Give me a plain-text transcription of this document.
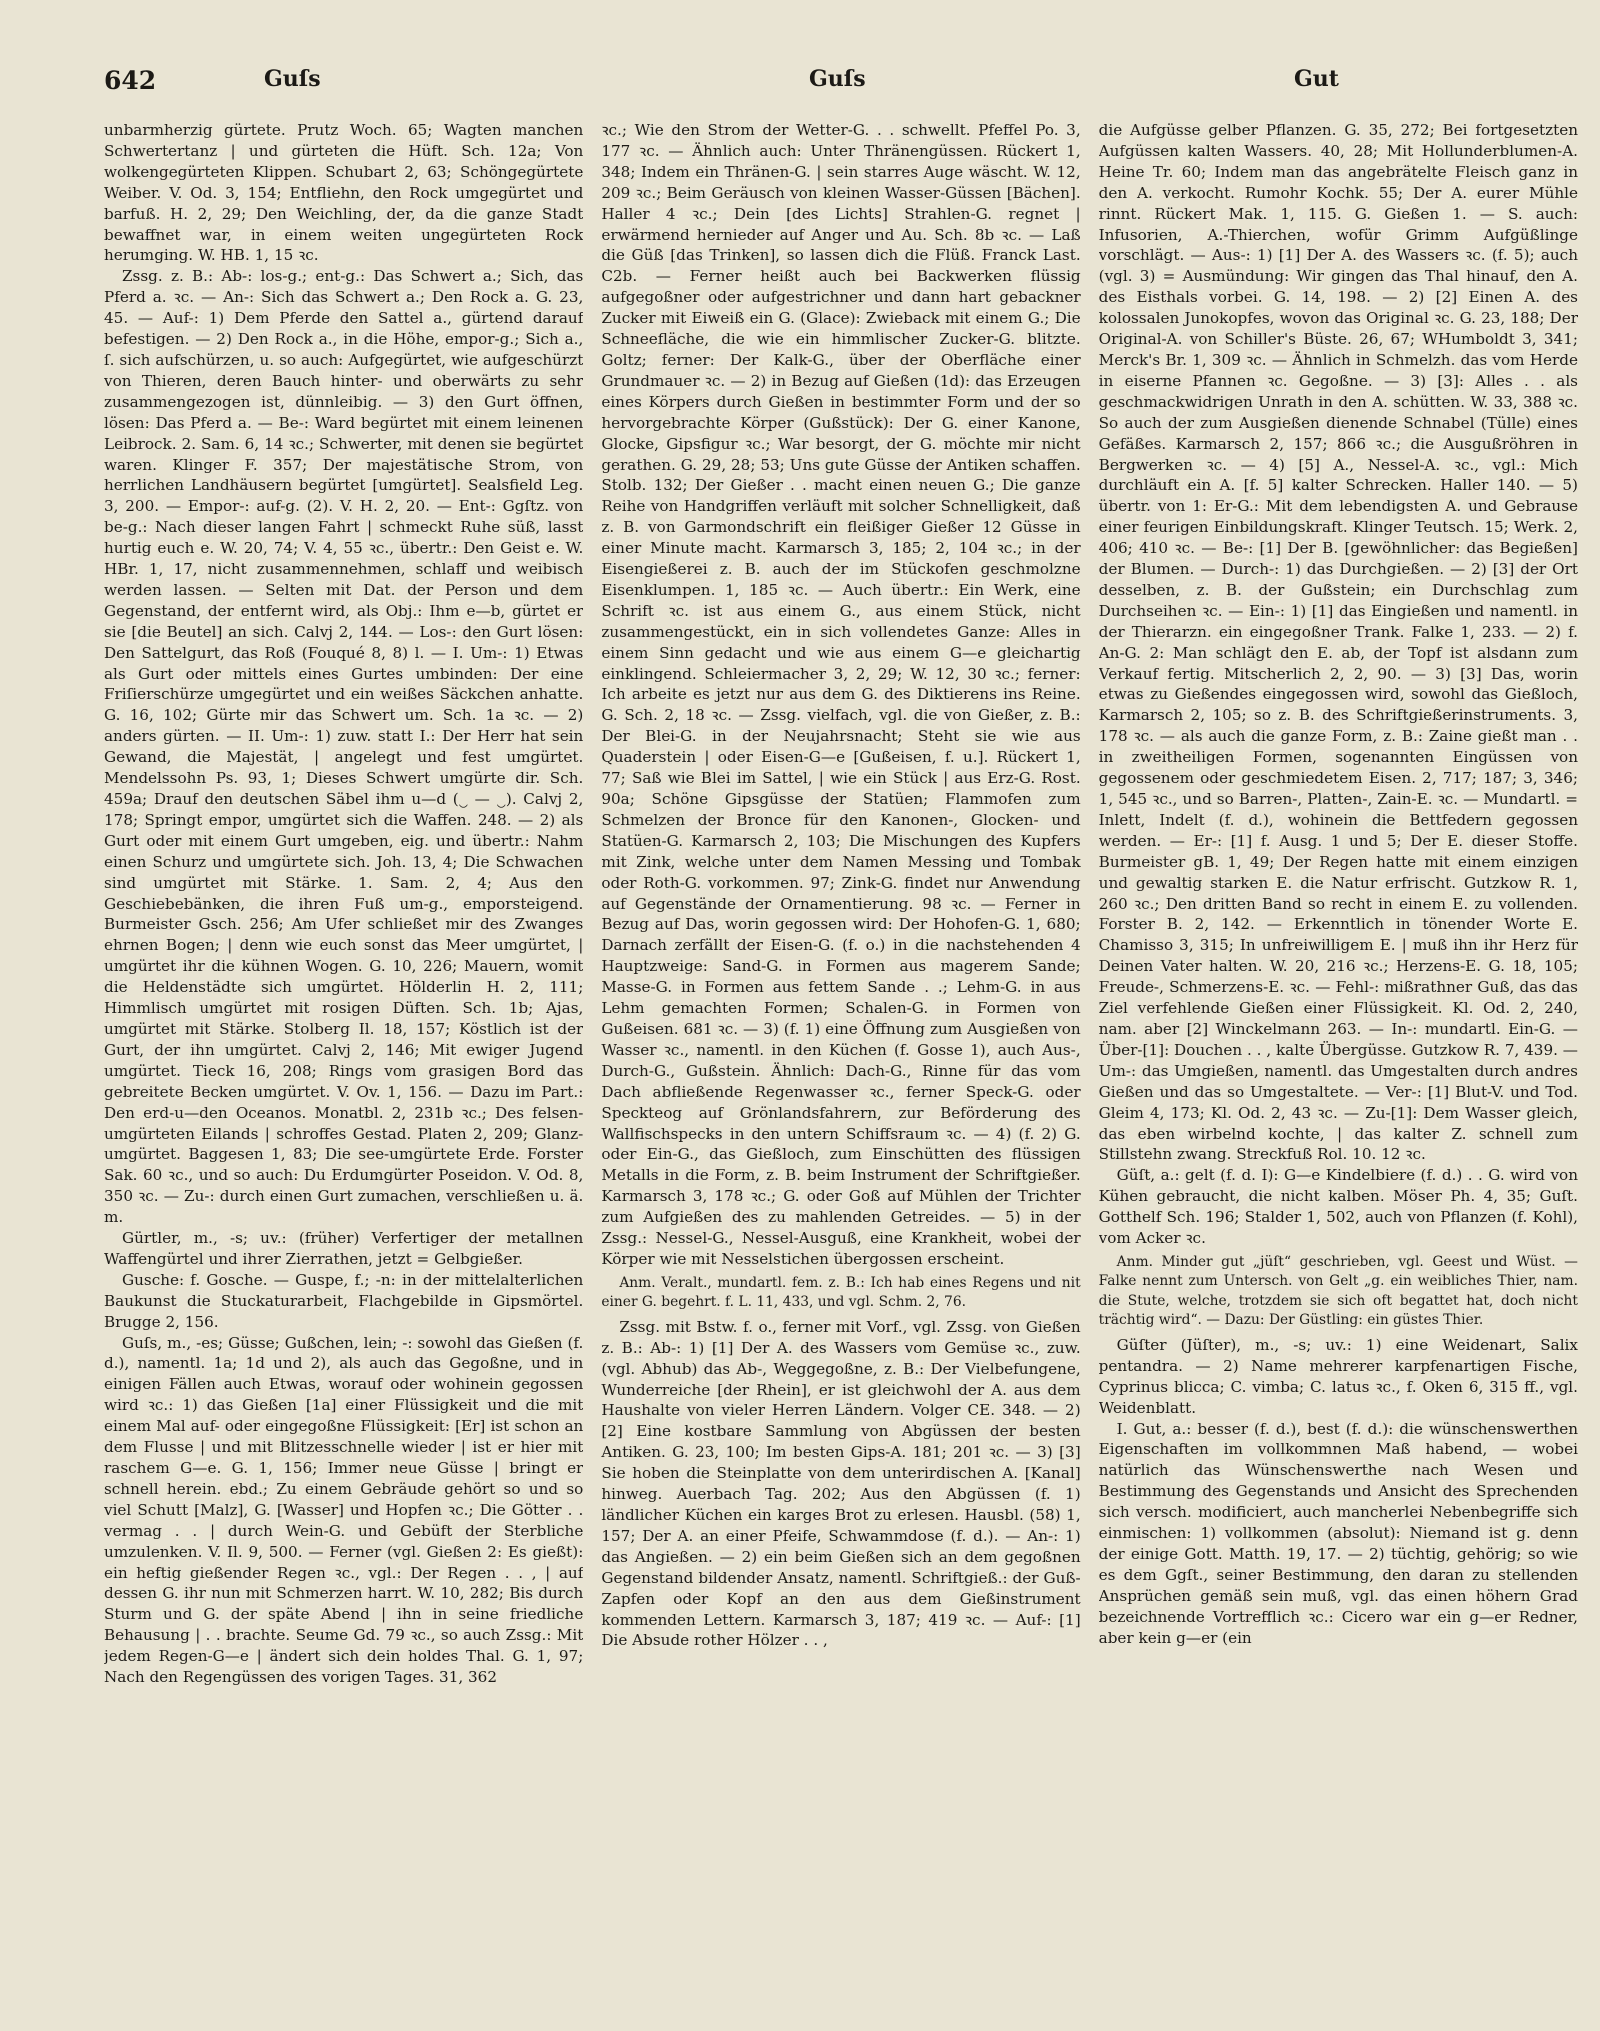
642	Guſs	Guſs	Gut

unbarmherzig gürtete. Prutz Woch. 65; Wagten manchen Schwertertanz | und gürteten die Hüft. Sch. 12a; Von wolkengegürteten Klippen. Schubart 2, 63; Schöngegürtete Weiber. V. Od. 3, 154; Entfliehn, den Rock umgegürtet und barfuß. H. 2, 29; Den Weichling, der, da die ganze Stadt bewaffnet war, in einem weiten ungegürteten Rock herumging. W. HB. 1, 15 ꝛc.

Zssg. z. B.: Ab-: los-g.; ent-g.: Das Schwert a.; Sich, das Pferd a. ꝛc. — An-: Sich das Schwert a.; Den Rock a. G. 23, 45. — Auf-: 1) Dem Pferde den Sattel a., gürtend darauf befestigen. — 2) Den Rock a., in die Höhe, empor-g.; Sich a., ſ. sich aufschürzen, u. so auch: Aufgegürtet, wie aufgeschürzt von Thieren, deren Bauch hinter- und oberwärts zu sehr zusammengezogen ist, dünnleibig. — 3) den Gurt öffnen, lösen: Das Pferd a. — Be-: Ward begürtet mit einem leinenen Leibrock. 2. Sam. 6, 14 ꝛc.; Schwerter, mit denen sie begürtet waren. Klinger F. 357; Der majestätische Strom, von herrlichen Landhäusern begürtet [umgürtet]. Sealsfield Leg. 3, 200. — Empor-: auf-g. (2). V. H. 2, 20. — Ent-: Ggſtz. von be-g.: Nach dieser langen Fahrt | schmeckt Ruhe süß, lasst hurtig euch e. W. 20, 74; V. 4, 55 ꝛc., übertr.: Den Geist e. W. HBr. 1, 17, nicht zusammennehmen, schlaff und weibisch werden lassen. — Selten mit Dat. der Person und dem Gegenstand, der entfernt wird, als Obj.: Ihm e—b, gürtet er sie [die Beutel] an sich. Calvj 2, 144. — Los-: den Gurt lösen: Den Sattelgurt, das Roß (Fouqué 8, 8) l. — I. Um-: 1) Etwas als Gurt oder mittels eines Gurtes umbinden: Der eine Friſierschürze umgegürtet und ein weißes Säckchen anhatte. G. 16, 102; Gürte mir das Schwert um. Sch. 1a ꝛc. — 2) anders gürten. — II. Um-: 1) zuw. statt I.: Der Herr hat sein Gewand, die Majestät, | angelegt und fest umgürtet. Mendelssohn Ps. 93, 1; Dieses Schwert umgürte dir. Sch. 459a; Drauf den deutschen Säbel ihm u—d (‿ — ‿). Calvj 2, 178; Springt empor, umgürtet sich die Waffen. 248. — 2) als Gurt oder mit einem Gurt umgeben, eig. und übertr.: Nahm einen Schurz und umgürtete sich. Joh. 13, 4; Die Schwachen sind umgürtet mit Stärke. 1. Sam. 2, 4; Aus den Geschiebebänken, die ihren Fuß um-g., emporsteigend. Burmeister Gsch. 256; Am Ufer schließet mir des Zwanges ehrnen Bogen; | denn wie euch sonst das Meer umgürtet, | umgürtet ihr die kühnen Wogen. G. 10, 226; Mauern, womit die Heldenstädte sich umgürtet. Hölderlin H. 2, 111; Himmlisch umgürtet mit rosigen Düften. Sch. 1b; Ajas, umgürtet mit Stärke. Stolberg Il. 18, 157; Köstlich ist der Gurt, der ihn umgürtet. Calvj 2, 146; Mit ewiger Jugend umgürtet. Tieck 16, 208; Rings vom grasigen Bord das gebreitete Becken umgürtet. V. Ov. 1, 156. — Dazu im Part.: Den erd-u—den Oceanos. Monatbl. 2, 231b ꝛc.; Des felsen-umgürteten Eilands | schroffes Gestad. Platen 2, 209; Glanz-umgürtet. Baggesen 1, 83; Die see-umgürtete Erde. Forster Sak. 60 ꝛc., und so auch: Du Erdumgürter Poseidon. V. Od. 8, 350 ꝛc. — Zu-: durch einen Gurt zumachen, verschließen u. ä. m.

Gürtler, m., -s; uv.: (früher) Verfertiger der metallnen Waffengürtel und ihrer Zierrathen, jetzt = Gelbgießer.

Gusche: f. Gosche. — Guspe, f.; -n: in der mittelalterlichen Baukunst die Stuckaturarbeit, Flachgebilde in Gipsmörtel. Brugge 2, 156.

Guſs, m., -es; Güsse; Gußchen, lein; -: sowohl das Gießen (f. d.), namentl. 1a; 1d und 2), als auch das Gegoßne, und in einigen Fällen auch Etwas, worauf oder wohinein gegossen wird ꝛc.: 1) das Gießen [1a] einer Flüssigkeit und die mit einem Mal auf- oder eingegoßne Flüssigkeit: [Er] ist schon an dem Flusse | und mit Blitzesschnelle wieder | ist er hier mit raschem G—e. G. 1, 156; Immer neue Güsse | bringt er schnell herein. ebd.; Zu einem Gebräude gehört so und so viel Schutt [Malz], G. [Wasser] und Hopfen ꝛc.; Die Götter . . vermag . . | durch Wein-G. und Gebüft der Sterbliche umzulenken. V. Il. 9, 500. — Ferner (vgl. Gießen 2: Es gießt): ein heftig gießender Regen ꝛc., vgl.: Der Regen . . , | auf dessen G. ihr nun mit Schmerzen harrt. W. 10, 282; Bis durch Sturm und G. der späte Abend | ihn in seine friedliche Behausung | . . brachte. Seume Gd. 79 ꝛc., so auch Zssg.: Mit jedem Regen-G—e | ändert sich dein holdes Thal. G. 1, 97; Nach den Regengüssen des vorigen Tages. 31, 362

ꝛc.; Wie den Strom der Wetter-G. . . schwellt. Pfeffel Po. 3, 177 ꝛc. — Ähnlich auch: Unter Thränengüssen. Rückert 1, 348; Indem ein Thränen-G. | sein starres Auge wäscht. W. 12, 209 ꝛc.; Beim Geräusch von kleinen Wasser-Güssen [Bächen]. Haller 4 ꝛc.; Dein [des Lichts] Strahlen-G. regnet | erwärmend hernieder auf Anger und Au. Sch. 8b ꝛc. — Laß die Güß [das Trinken], so lassen dich die Flüß. Franck Last. C2b. — Ferner heißt auch bei Backwerken flüssig aufgegoßner oder aufgestrichner und dann hart gebackner Zucker mit Eiweiß ein G. (Glace): Zwieback mit einem G.; Die Schneefläche, die wie ein himmlischer Zucker-G. blitzte. Goltz; ferner: Der Kalk-G., über der Oberfläche einer Grundmauer ꝛc. — 2) in Bezug auf Gießen (1d): das Erzeugen eines Körpers durch Gießen in bestimmter Form und der so hervorgebrachte Körper (Gußstück): Der G. einer Kanone, Glocke, Gipsfigur ꝛc.; War besorgt, der G. möchte mir nicht gerathen. G. 29, 28; 53; Uns gute Güsse der Antiken schaffen. Stolb. 132; Der Gießer . . macht einen neuen G.; Die ganze Reihe von Handgriffen verläuft mit solcher Schnelligkeit, daß z. B. von Garmondschrift ein fleißiger Gießer 12 Güsse in einer Minute macht. Karmarsch 3, 185; 2, 104 ꝛc.; in der Eisengießerei z. B. auch der im Stückofen geschmolzne Eisenklumpen. 1, 185 ꝛc. — Auch übertr.: Ein Werk, eine Schrift ꝛc. ist aus einem G., aus einem Stück, nicht zusammengestückt, ein in sich vollendetes Ganze: Alles in einem Sinn gedacht und wie aus einem G—e gleichartig einklingend. Schleiermacher 3, 2, 29; W. 12, 30 ꝛc.; ferner: Ich arbeite es jetzt nur aus dem G. des Diktierens ins Reine. G. Sch. 2, 18 ꝛc. — Zssg. vielfach, vgl. die von Gießer, z. B.: Der Blei-G. in der Neujahrsnacht; Steht sie wie aus Quaderstein | oder Eisen-G—e [Gußeisen, f. u.]. Rückert 1, 77; Saß wie Blei im Sattel, | wie ein Stück | aus Erz-G. Rost. 90a; Schöne Gipsgüsse der Statüen; Flammofen zum Schmelzen der Bronce für den Kanonen-, Glocken- und Statüen-G. Karmarsch 2, 103; Die Mischungen des Kupfers mit Zink, welche unter dem Namen Messing und Tombak oder Roth-G. vorkommen. 97; Zink-G. findet nur Anwendung auf Gegenstände der Ornamentierung. 98 ꝛc. — Ferner in Bezug auf Das, worin gegossen wird: Der Hohofen-G. 1, 680; Darnach zerfällt der Eisen-G. (f. o.) in die nachstehenden 4 Hauptzweige: Sand-G. in Formen aus magerem Sande; Masse-G. in Formen aus fettem Sande . .; Lehm-G. in aus Lehm gemachten Formen; Schalen-G. in Formen von Gußeisen. 681 ꝛc. — 3) (f. 1) eine Öffnung zum Ausgießen von Wasser ꝛc., namentl. in den Küchen (f. Gosse 1), auch Aus-, Durch-G., Gußstein. Ähnlich: Dach-G., Rinne für das vom Dach abfließende Regenwasser ꝛc., ferner Speck-G. oder Speckteog auf Grönlandsfahrern, zur Beförderung des Wallfischspecks in den untern Schiffsraum ꝛc. — 4) (f. 2) G. oder Ein-G., das Gießloch, zum Einschütten des flüssigen Metalls in die Form, z. B. beim Instrument der Schriftgießer. Karmarsch 3, 178 ꝛc.; G. oder Goß auf Mühlen der Trichter zum Aufgießen des zu mahlenden Getreides. — 5) in der Zssg.: Nessel-G., Nessel-Ausguß, eine Krankheit, wobei der Körper wie mit Nesselstichen übergossen erscheint.

Anm. Veralt., mundartl. fem. z. B.: Ich hab eines Regens und nit einer G. begehrt. f. L. 11, 433, und vgl. Schm. 2, 76.

Zssg. mit Bstw. f. o., ferner mit Vorf., vgl. Zssg. von Gießen z. B.: Ab-: 1) [1] Der A. des Wassers vom Gemüse ꝛc., zuw. (vgl. Abhub) das Ab-, Weggegoßne, z. B.: Der Vielbefungene, Wunderreiche [der Rhein], er ist gleichwohl der A. aus dem Haushalte von vieler Herren Ländern. Volger CE. 348. — 2) [2] Eine kostbare Sammlung von Abgüssen der besten Antiken. G. 23, 100; Im besten Gips-A. 181; 201 ꝛc. — 3) [3] Sie hoben die Steinplatte von dem unterirdischen A. [Kanal] hinweg. Auerbach Tag. 202; Aus den Abgüssen (f. 1) ländlicher Küchen ein karges Brot zu erlesen. Hausbl. (58) 1, 157; Der A. an einer Pfeife, Schwammdose (f. d.). — An-: 1) das Angießen. — 2) ein beim Gießen sich an dem gegoßnen Gegenstand bildender Ansatz, namentl. Schriftgieß.: der Guß-Zapfen oder Kopf an den aus dem Gießinstrument kommenden Lettern. Karmarsch 3, 187; 419 ꝛc. — Auf-: [1] Die Absude rother Hölzer . . ,

die Aufgüsse gelber Pflanzen. G. 35, 272; Bei fortgesetzten Aufgüssen kalten Wassers. 40, 28; Mit Hollunderblumen-A. Heine Tr. 60; Indem man das angebrätelte Fleisch ganz in den A. verkocht. Rumohr Kochk. 55; Der A. eurer Mühle rinnt. Rückert Mak. 1, 115. G. Gießen 1. — S. auch: Infusorien, A.-Thierchen, wofür Grimm Aufgüßlinge vorschlägt. — Aus-: 1) [1] Der A. des Wassers ꝛc. (f. 5); auch (vgl. 3) = Ausmündung: Wir gingen das Thal hinauf, den A. des Eisthals vorbei. G. 14, 198. — 2) [2] Einen A. des kolossalen Junokopfes, wovon das Original ꝛc. G. 23, 188; Der Original-A. von Schiller's Büste. 26, 67; WHumboldt 3, 341; Merck's Br. 1, 309 ꝛc. — Ähnlich in Schmelzh. das vom Herde in eiserne Pfannen ꝛc. Gegoßne. — 3) [3]: Alles . . als geschmackwidrigen Unrath in den A. schütten. W. 33, 388 ꝛc. So auch der zum Ausgießen dienende Schnabel (Tülle) eines Gefäßes. Karmarsch 2, 157; 866 ꝛc.; die Ausgußröhren in Bergwerken ꝛc. — 4) [5] A., Nessel-A. ꝛc., vgl.: Mich durchläuft ein A. [f. 5] kalter Schrecken. Haller 140. — 5) übertr. von 1: Er-G.: Mit dem lebendigsten A. und Gebrause einer feurigen Einbildungskraft. Klinger Teutsch. 15; Werk. 2, 406; 410 ꝛc. — Be-: [1] Der B. [gewöhnlicher: das Begießen] der Blumen. — Durch-: 1) das Durchgießen. — 2) [3] der Ort desselben, z. B. der Gußstein; ein Durchschlag zum Durchseihen ꝛc. — Ein-: 1) [1] das Eingießen und namentl. in der Thierarzn. ein eingegoßner Trank. Falke 1, 233. — 2) f. An-G. 2: Man schlägt den E. ab, der Topf ist alsdann zum Verkauf fertig. Mitscherlich 2, 2, 90. — 3) [3] Das, worin etwas zu Gießendes eingegossen wird, sowohl das Gießloch, Karmarsch 2, 105; so z. B. des Schriftgießerinstruments. 3, 178 ꝛc. — als auch die ganze Form, z. B.: Zaine gießt man . . in zweitheiligen Formen, sogenannten Eingüssen von gegossenem oder geschmiedetem Eisen. 2, 717; 187; 3, 346; 1, 545 ꝛc., und so Barren-, Platten-, Zain-E. ꝛc. — Mundartl. = Inlett, Indelt (f. d.), wohinein die Bettfedern gegossen werden. — Er-: [1] f. Ausg. 1 und 5; Der E. dieser Stoffe. Burmeister gB. 1, 49; Der Regen hatte mit einem einzigen und gewaltig starken E. die Natur erfrischt. Gutzkow R. 1, 260 ꝛc.; Den dritten Band so recht in einem E. zu vollenden. Forster B. 2, 142. — Erkenntlich in tönender Worte E. Chamisso 3, 315; In unfreiwilligem E. | muß ihn ihr Herz für Deinen Vater halten. W. 20, 216 ꝛc.; Herzens-E. G. 18, 105; Freude-, Schmerzens-E. ꝛc. — Fehl-: mißrathner Guß, das das Ziel verfehlende Gießen einer Flüssigkeit. Kl. Od. 2, 240, nam. aber [2] Winckelmann 263. — In-: mundartl. Ein-G. — Über-[1]: Douchen . . , kalte Übergüsse. Gutzkow R. 7, 439. — Um-: das Umgießen, namentl. das Umgestalten durch andres Gießen und das so Umgestaltete. — Ver-: [1] Blut-V. und Tod. Gleim 4, 173; Kl. Od. 2, 43 ꝛc. — Zu-[1]: Dem Wasser gleich, das eben wirbelnd kochte, | das kalter Z. schnell zum Stillstehn zwang. Streckfuß Rol. 10. 12 ꝛc.

Güſt, a.: gelt (f. d. I): G—e Kindelbiere (f. d.) . . G. wird von Kühen gebraucht, die nicht kalben. Möser Ph. 4, 35; Guſt. Gotthelf Sch. 196; Stalder 1, 502, auch von Pflanzen (f. Kohl), vom Acker ꝛc.

Anm. Minder gut „jüſt“ geschrieben, vgl. Geest und Wüst. — Falke nennt zum Untersch. von Gelt „g. ein weibliches Thier, nam. die Stute, welche, trotzdem sie sich oft begattet hat, doch nicht trächtig wird“. — Dazu: Der Güstling: ein güstes Thier.

Güſter (Jüſter), m., -s; uv.: 1) eine Weidenart, Salix pentandra. — 2) Name mehrerer karpfenartigen Fische, Cyprinus blicca; C. vimba; C. latus ꝛc., f. Oken 6, 315 ff., vgl. Weidenblatt.

I. Gut, a.: besser (f. d.), best (f. d.): die wünschenswerthen Eigenschaften im vollkommnen Maß habend, — wobei natürlich das Wünschenswerthe nach Wesen und Bestimmung des Gegenstands und Ansicht des Sprechenden sich versch. modificiert, auch mancherlei Nebenbegriffe sich einmischen: 1) vollkommen (absolut): Niemand ist g. denn der einige Gott. Matth. 19, 17. — 2) tüchtig, gehörig; so wie es dem Ggſt., seiner Bestimmung, den daran zu stellenden Ansprüchen gemäß sein muß, vgl. das einen höhern Grad bezeichnende Vortrefflich ꝛc.: Cicero war ein g—er Redner, aber kein g—er (ein
